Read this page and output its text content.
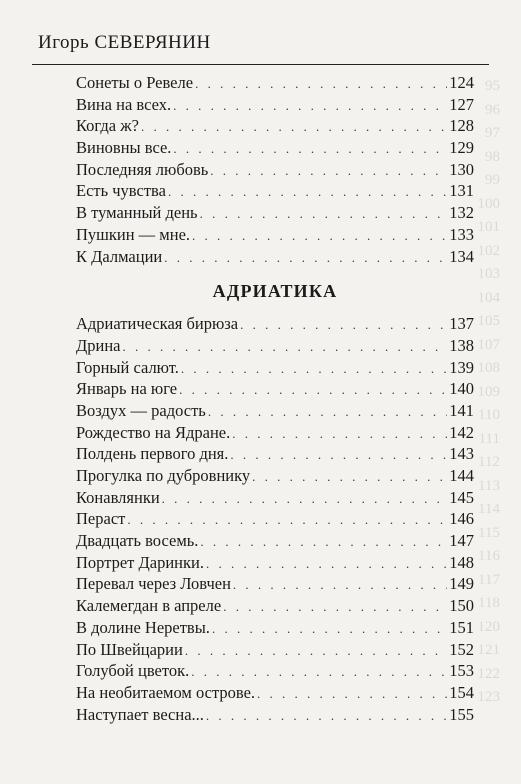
95
96
97
98
99
100
101
102
103
104
105
107
108
109
110
111
112
113
114
115
116
117
118
120
121
122
123
Игорь СЕВЕРЯНИН
Сонеты о Ревеле . . .	124
Вина на всех. . . .	127
Когда ж? . . .	128
Виновны все. . . .	129
Последняя любовь . . .	130
Есть чувства . . .	131
В туманный день . . .	132
Пушкин — мне. . . .	133
К Далмации . . .	134
АДРИАТИКА
Адриатическая бирюза . . .	137
Дрина . . .	138
Горный салют. . . .	139
Январь на юге . . .	140
Воздух — радость . . .	141
Рождество на Ядране. . . .	142
Полдень первого дня. . . .	143
Прогулка по дубровнику . . .	144
Конавлянки . . .	145
Пераст . . .	146
Двадцать восемь. . . .	147
Портрет Даринки. . . .	148
Перевал через Ловчен . . .	149
Калемегдан в апреле . . .	150
В долине Неретвы. . . .	151
По Швейцарии . . .	152
Голубой цветок. . . .	153
На необитаемом острове. . . .	154
Наступает весна... . . .	155
